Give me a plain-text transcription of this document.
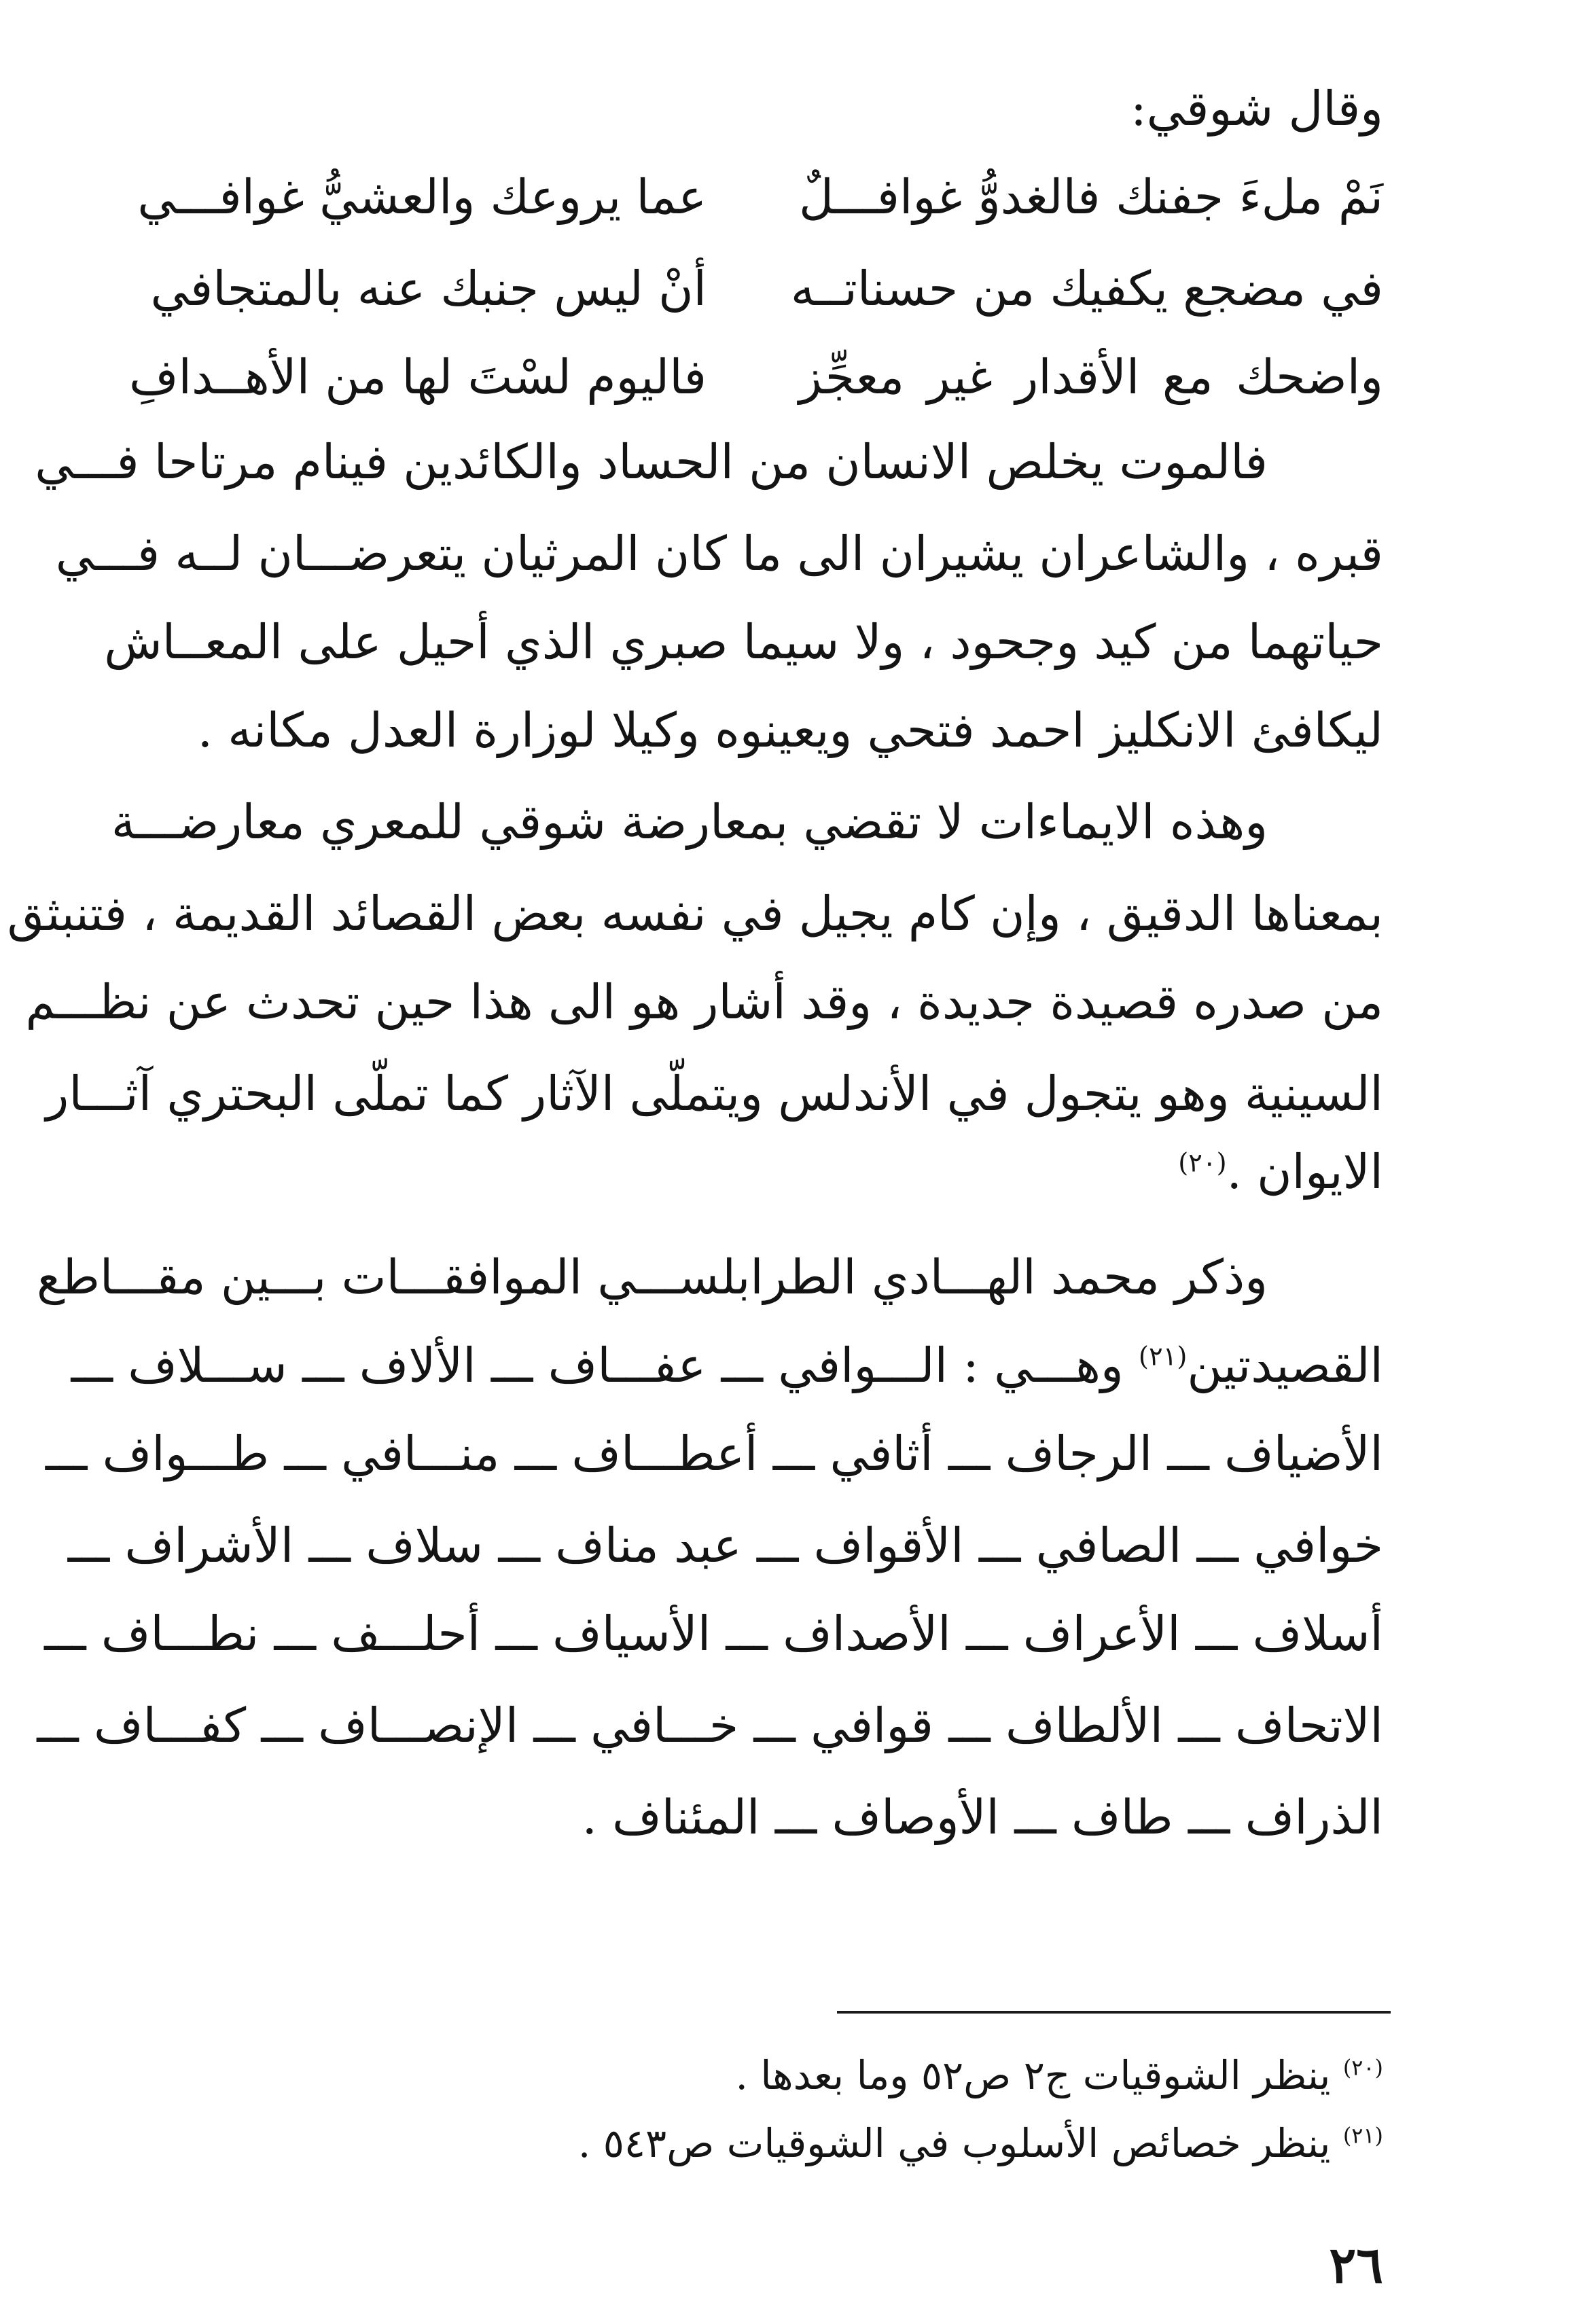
وقال شوقي:
نَمْ ملءَ جفنك فالغدوُّ غوافـــلٌ
عما يروعك والعشيُّ غوافـــي
في مضجع يكفيك من حسناتــه
أنْ ليس جنبك عنه بالمتجافي
واضحك مع الأقدار غير معجِّز
فاليوم لسْتَ لها من الأهــدافِ
فالموت يخلص الانسان من الحساد والكائدين فينام مرتاحا فـــي
قبره ، والشاعران يشيران الى ما كان المرثيان يتعرضـــان لــه فـــي
حياتهما من كيد وجحود ، ولا سيما صبري الذي أحيل على المعــاش
ليكافئ الانكليز احمد فتحي ويعينوه وكيلا لوزارة العدل مكانه .
وهذه الايماءات لا تقضي بمعارضة شوقي للمعري معارضـــة
بمعناها الدقيق ، وإن كام يجيل في نفسه بعض القصائد القديمة ، فتنبثق
من صدره قصيدة جديدة ، وقد أشار هو الى هذا حين تحدث عن نظـــم
السينية وهو يتجول في الأندلس ويتملّى الآثار كما تملّى البحتري آثـــار
الايوان .$^{(٢٠)}$
وذكر محمد الهـــادي الطرابلســـي الموافقـــات بـــين مقـــاطع
القصيدتين$^{(٢١)}$ وهـــي : الـــوافي ـــ عفـــاف ـــ الألاف ـــ ســـلاف ـــ
الأضياف ـــ الرجاف ـــ أثافي ـــ أعطـــاف ـــ منـــافي ـــ طـــواف ـــ
خوافي ـــ الصافي ـــ الأقواف ـــ عبد مناف ـــ سلاف ـــ الأشراف ـــ
أسلاف ـــ الأعراف ـــ الأصداف ـــ الأسياف ـــ أحلـــف ـــ نطـــاف ـــ
الاتحاف ـــ الألطاف ـــ قوافي ـــ خـــافي ـــ الإنصـــاف ـــ كفـــاف ـــ
الذراف ـــ طاف ـــ الأوصاف ـــ المئناف .
$^{(٢٠)}$ ينظر الشوقيات ج٢ ص٥٢ وما بعدها .
$^{(٢١)}$ ينظر خصائص الأسلوب في الشوقيات ص٥٤٣ .
٢٦
